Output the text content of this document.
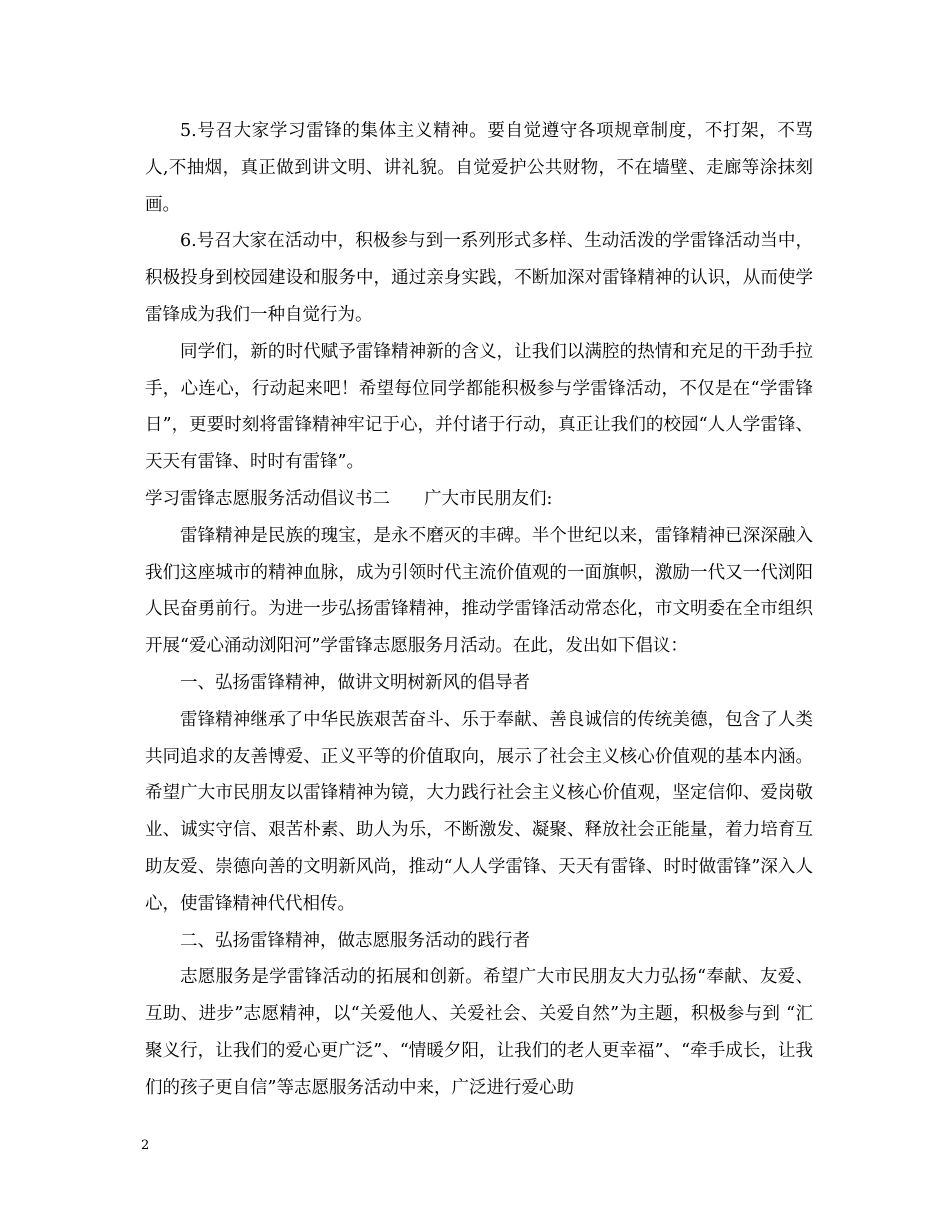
5.号召大家学习雷锋的集体主义精神。要自觉遵守各项规章制度，不打架，不骂人,不抽烟，真正做到讲文明、讲礼貌。自觉爱护公共财物，不在墙壁、走廊等涂抹刻画。

6.号召大家在活动中，积极参与到一系列形式多样、生动活泼的学雷锋活动当中，积极投身到校园建设和服务中，通过亲身实践，不断加深对雷锋精神的认识，从而使学雷锋成为我们一种自觉行为。

同学们，新的时代赋予雷锋精神新的含义，让我们以满腔的热情和充足的干劲手拉手，心连心，行动起来吧！希望每位同学都能积极参与学雷锋活动，不仅是在“学雷锋日”，更要时刻将雷锋精神牢记于心，并付诸于行动，真正让我们的校园“人人学雷锋、天天有雷锋、时时有雷锋”。

学习雷锋志愿服务活动倡议书二 广大市民朋友们:

雷锋精神是民族的瑰宝，是永不磨灭的丰碑。半个世纪以来，雷锋精神已深深融入我们这座城市的精神血脉，成为引领时代主流价值观的一面旗帜，激励一代又一代浏阳人民奋勇前行。为进一步弘扬雷锋精神，推动学雷锋活动常态化，市文明委在全市组织开展“爱心涌动浏阳河”学雷锋志愿服务月活动。在此，发出如下倡议：

一、弘扬雷锋精神，做讲文明树新风的倡导者

雷锋精神继承了中华民族艰苦奋斗、乐于奉献、善良诚信的传统美德，包含了人类共同追求的友善博爱、正义平等的价值取向，展示了社会主义核心价值观的基本内涵。希望广大市民朋友以雷锋精神为镜，大力践行社会主义核心价值观，坚定信仰、爱岗敬业、诚实守信、艰苦朴素、助人为乐，不断激发、凝聚、释放社会正能量，着力培育互助友爱、崇德向善的文明新风尚，推动“人人学雷锋、天天有雷锋、时时做雷锋”深入人心，使雷锋精神代代相传。

二、弘扬雷锋精神，做志愿服务活动的践行者

志愿服务是学雷锋活动的拓展和创新。希望广大市民朋友大力弘扬“奉献、友爱、互助、进步”志愿精神，以“关爱他人、关爱社会、关爱自然”为主题，积极参与到 “汇聚义行，让我们的爱心更广泛”、“情暖夕阳，让我们的老人更幸福”、“牵手成长，让我们的孩子更自信”等志愿服务活动中来，广泛进行爱心助

2
